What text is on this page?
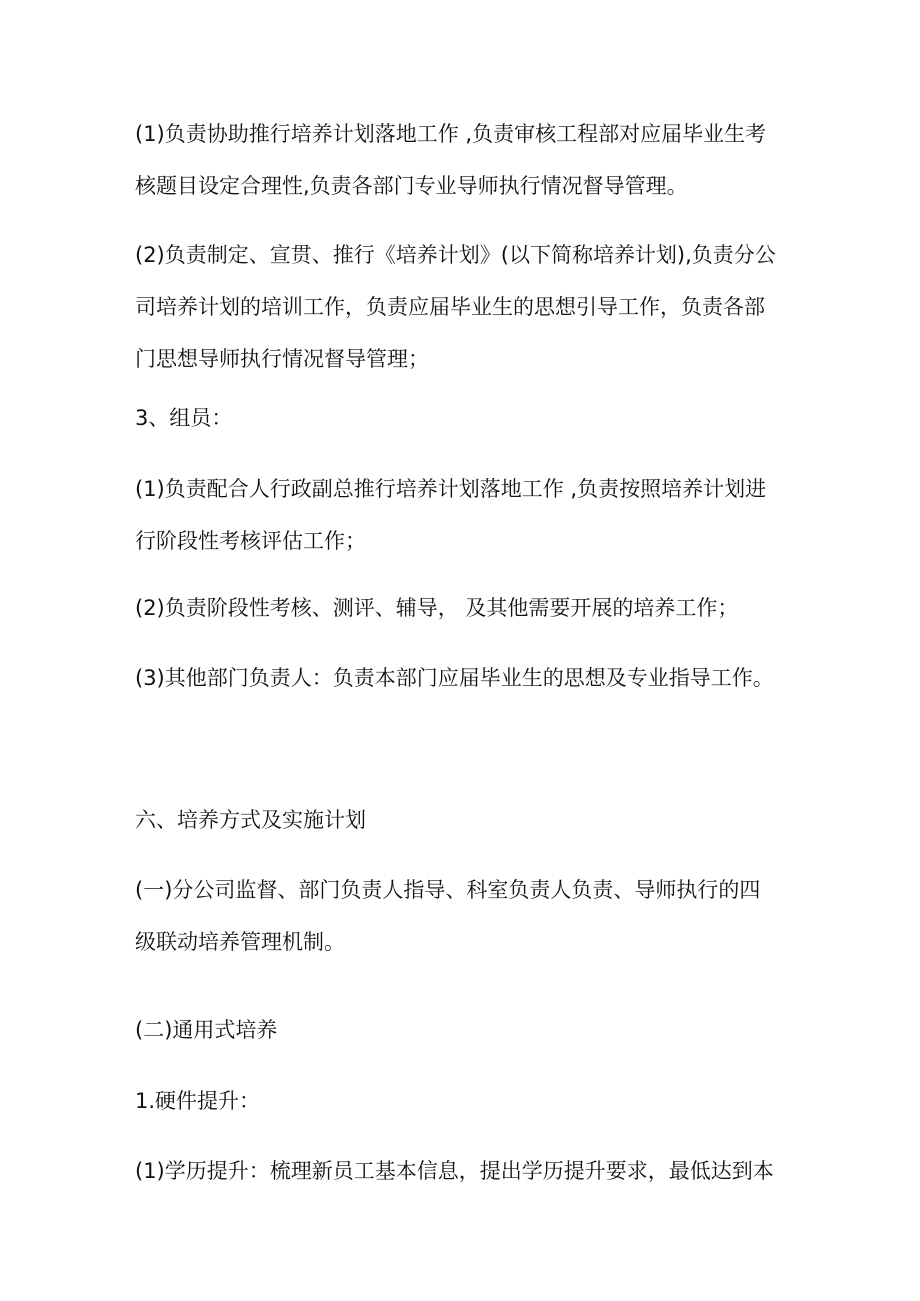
(1)负责协助推行培养计划落地工作 ,负责审核工程部对应届毕业生考
核题目设定合理性,负责各部门专业导师执行情况督导管理。

(2)负责制定、宣贯、推行《培养计划》(以下简称培养计划),负责分公
司培养计划的培训工作，负责应届毕业生的思想引导工作，负责各部
门思想导师执行情况督导管理；

3、组员：

(1)负责配合人行政副总推行培养计划落地工作 ,负责按照培养计划进
行阶段性考核评估工作；

(2)负责阶段性考核、测评、辅导， 及其他需要开展的培养工作；

(3)其他部门负责人：负责本部门应届毕业生的思想及专业指导工作。

六、培养方式及实施计划

(一)分公司监督、部门负责人指导、科室负责人负责、导师执行的四
级联动培养管理机制。

(二)通用式培养

1.硬件提升：

(1)学历提升：梳理新员工基本信息，提出学历提升要求，最低达到本
